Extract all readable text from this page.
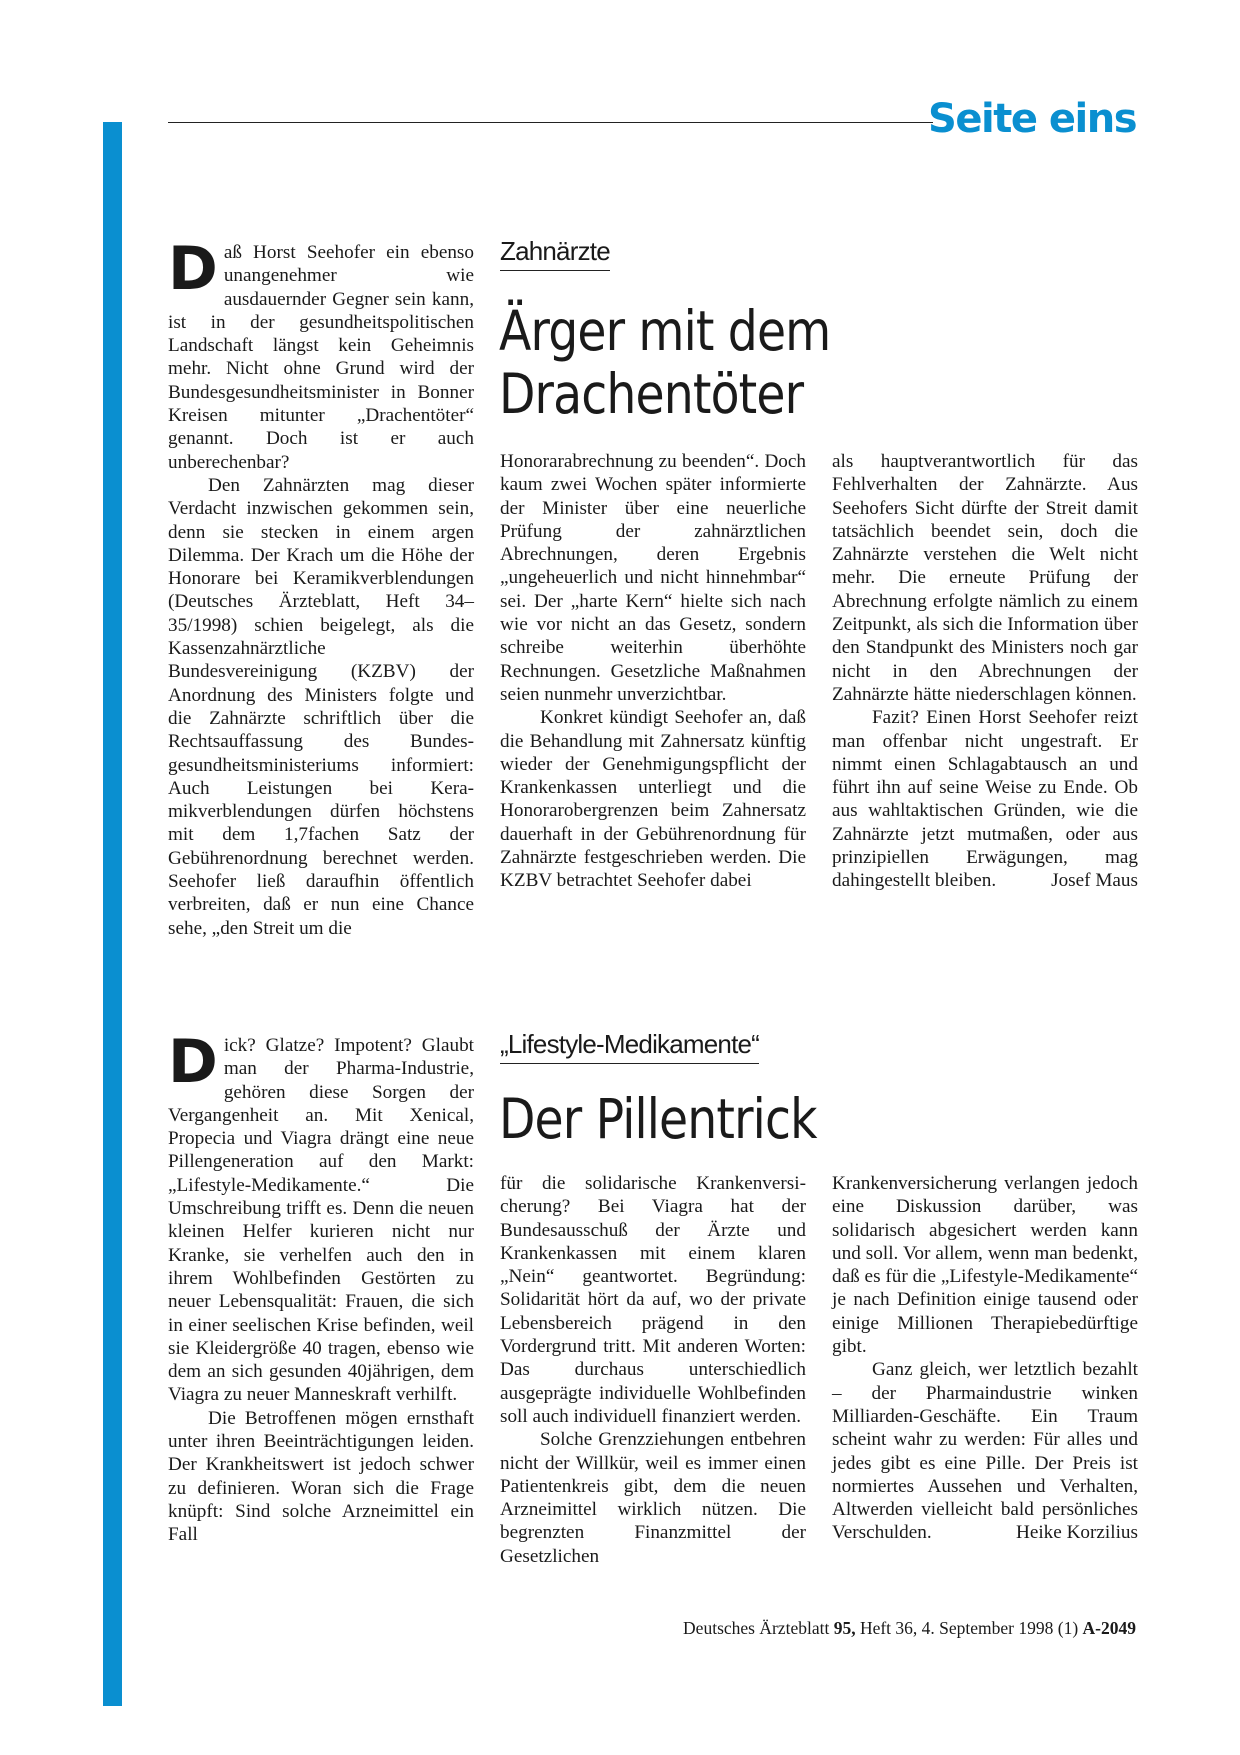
Seite eins

Daß Horst Seehofer ein ebenso unangenehmer wie ausdauernder Gegner sein kann, ist in der gesundheitspolitischen Landschaft längst kein Geheimnis mehr. Nicht ohne Grund wird der Bundesgesundheitsminister in Bonner Kreisen mitunter „Drachentöter“ genannt. Doch ist er auch unberechenbar?

Den Zahnärzten mag dieser Verdacht inzwischen gekommen sein, denn sie stecken in einem argen Dilemma. Der Krach um die Höhe der Honorare bei Keramikverblendungen (Deutsches Ärzteblatt, Heft 34–35/1998) schien beigelegt, als die Kassenzahnärztliche Bundesvereinigung (KZBV) der Anordnung des Ministers folgte und die Zahnärzte schriftlich über die Rechtsauffassung des Bundesgesundheitsministeriums informiert: Auch Leistungen bei Keramikverblendungen dürfen höchstens mit dem 1,7fachen Satz der Gebührenordnung berechnet werden. Seehofer ließ daraufhin öffentlich verbreiten, daß er nun eine Chance sehe, „den Streit um die

Zahnärzte
Ärger mit dem
Drachentöter

Honorarabrechnung zu beenden“. Doch kaum zwei Wochen später informierte der Minister über eine neuerliche Prüfung der zahnärztlichen Abrechnungen, deren Ergebnis „ungeheuerlich und nicht hinnehmbar“ sei. Der „harte Kern“ hielte sich nach wie vor nicht an das Gesetz, sondern schreibe weiterhin überhöhte Rechnungen. Gesetzliche Maßnahmen seien nunmehr unverzichtbar.

Konkret kündigt Seehofer an, daß die Behandlung mit Zahnersatz künftig wieder der Genehmigungspflicht der Krankenkassen unterliegt und die Honorarobergrenzen beim Zahnersatz dauerhaft in der Gebührenordnung für Zahnärzte festgeschrieben werden. Die KZBV betrachtet Seehofer dabei

als hauptverantwortlich für das Fehlverhalten der Zahnärzte. Aus Seehofers Sicht dürfte der Streit damit tatsächlich beendet sein, doch die Zahnärzte verstehen die Welt nicht mehr. Die erneute Prüfung der Abrechnung erfolgte nämlich zu einem Zeitpunkt, als sich die Information über den Standpunkt des Ministers noch gar nicht in den Abrechnungen der Zahnärzte hätte niederschlagen können.

Fazit? Einen Horst Seehofer reizt man offenbar nicht ungestraft. Er nimmt einen Schlagabtausch an und führt ihn auf seine Weise zu Ende. Ob aus wahltaktischen Gründen, wie die Zahnärzte jetzt mutmaßen, oder aus prinzipiellen Erwägungen, mag dahingestellt bleiben.	Josef Maus

Dick? Glatze? Impotent? Glaubt man der Pharma-Industrie, gehören diese Sorgen der Vergangenheit an. Mit Xenical, Propecia und Viagra drängt eine neue Pillengeneration auf den Markt: „Lifestyle-Medikamente.“ Die Umschreibung trifft es. Denn die neuen kleinen Helfer kurieren nicht nur Kranke, sie verhelfen auch den in ihrem Wohlbefinden Gestörten zu neuer Lebensqualität: Frauen, die sich in einer seelischen Krise befinden, weil sie Kleidergröße 40 tragen, ebenso wie dem an sich gesunden 40jährigen, dem Viagra zu neuer Manneskraft verhilft.

Die Betroffenen mögen ernsthaft unter ihren Beeinträchtigungen leiden. Der Krankheitswert ist jedoch schwer zu definieren. Woran sich die Frage knüpft: Sind solche Arzneimittel ein Fall

„Lifestyle-Medikamente“
Der Pillentrick

für die solidarische Krankenversicherung? Bei Viagra hat der Bundesausschuß der Ärzte und Krankenkassen mit einem klaren „Nein“ geantwortet. Begründung: Solidarität hört da auf, wo der private Lebensbereich prägend in den Vordergrund tritt. Mit anderen Worten: Das durchaus unterschiedlich ausgeprägte individuelle Wohlbefinden soll auch individuell finanziert werden.

Solche Grenzziehungen entbehren nicht der Willkür, weil es immer einen Patientenkreis gibt, dem die neuen Arzneimittel wirklich nützen. Die begrenzten Finanzmittel der Gesetzlichen

Krankenversicherung verlangen jedoch eine Diskussion darüber, was solidarisch abgesichert werden kann und soll. Vor allem, wenn man bedenkt, daß es für die „Lifestyle-Medikamente“ je nach Definition einige tausend oder einige Millionen Therapiebedürftige gibt.

Ganz gleich, wer letztlich bezahlt – der Pharmaindustrie winken Milliarden-Geschäfte. Ein Traum scheint wahr zu werden: Für alles und jedes gibt es eine Pille. Der Preis ist normiertes Aussehen und Verhalten, Altwerden vielleicht bald persönliches Verschulden.	Heike Korzilius

Deutsches Ärzteblatt 95, Heft 36, 4. September 1998 (1) A-2049
